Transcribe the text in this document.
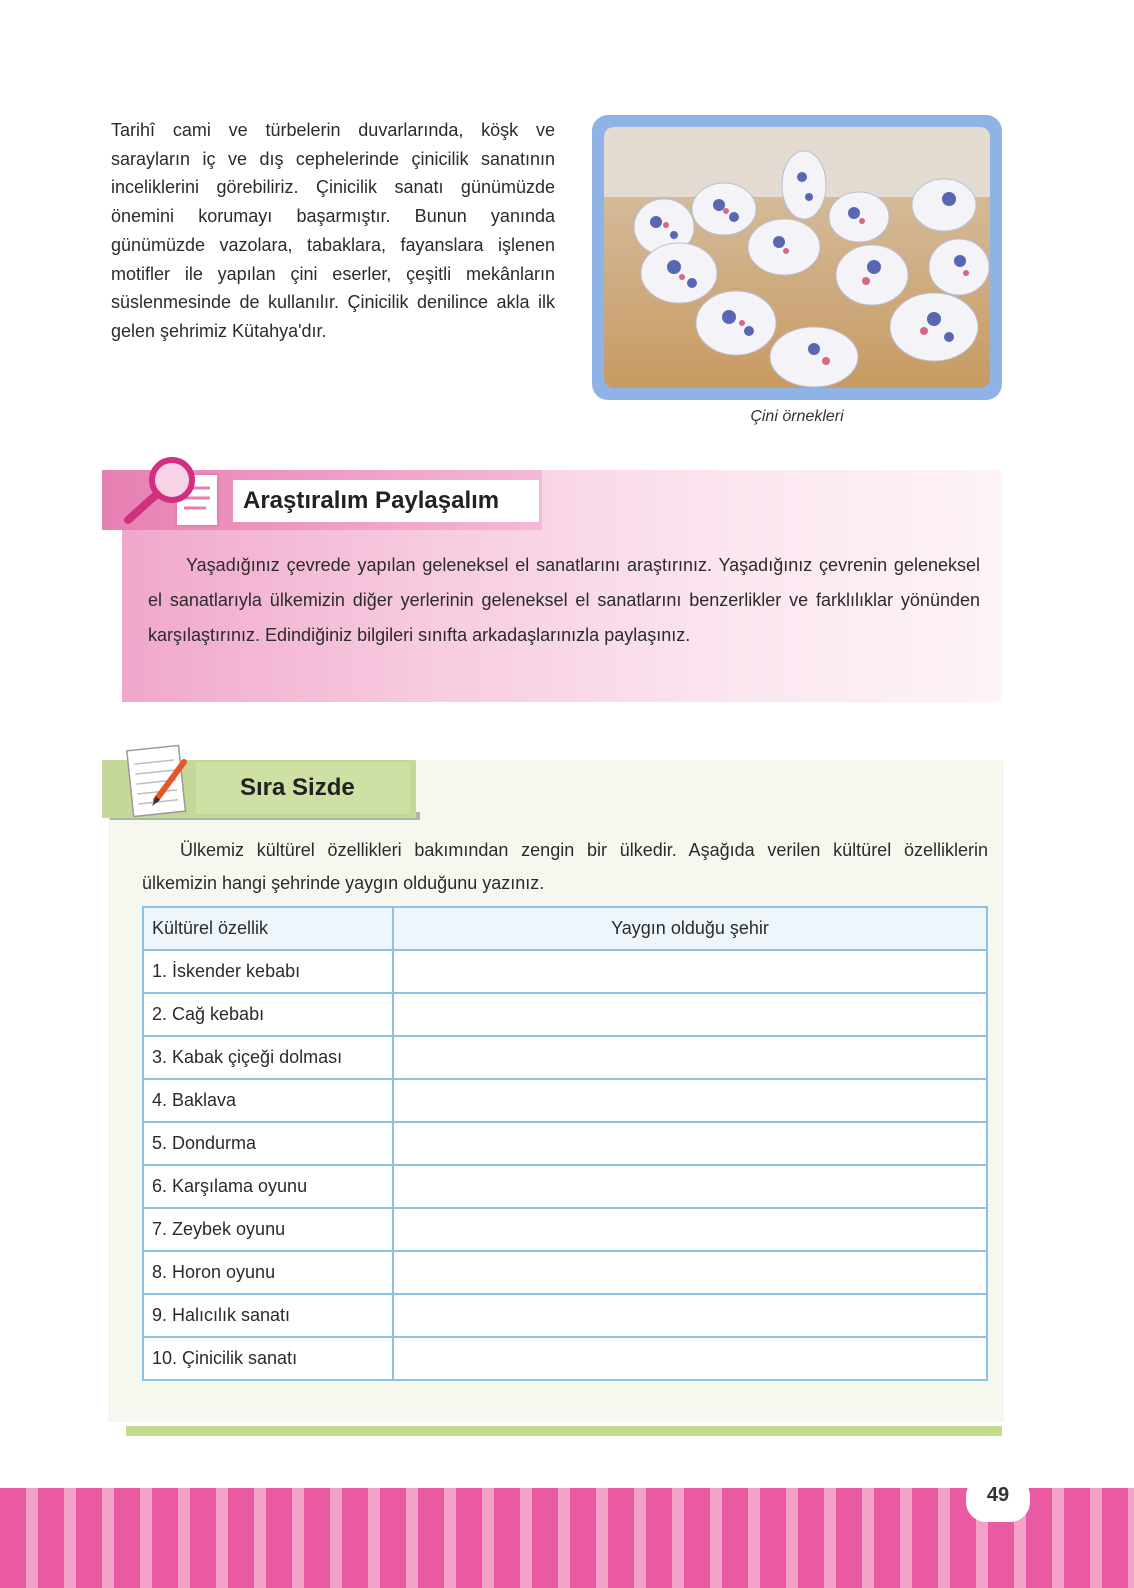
Tarihî cami ve türbelerin duvarlarında, köşk ve sarayların iç ve dış cephelerinde çinicilik sanatının inceliklerini görebiliriz. Çinicilik sanatı günümüzde önemini korumayı başarmıştır. Bunun yanında günümüzde vazolara, tabaklara, fayanslara işlenen motifler ile yapılan çini eserler, çeşitli mekânların süslenmesinde de kullanılır. Çinicilik denilince akla ilk gelen şehrimiz Kütahya'dır.

Çini örnekleri
Araştıralım Paylaşalım

Yaşadığınız çevrede yapılan geleneksel el sanatlarını araştırınız. Yaşadığınız çevrenin geleneksel el sanatlarıyla ülkemizin diğer yerlerinin geleneksel el sanatlarını benzerlikler ve farklılıklar yönünden karşılaştırınız. Edindiğiniz bilgileri sınıfta arkadaşlarınızla paylaşınız.

Sıra Sizde

Ülkemiz kültürel özellikleri bakımından zengin bir ülkedir. Aşağıda verilen kültürel özelliklerin ülkemizin hangi şehrinde yaygın olduğunu yazınız.

Kültürel özellik	Yaygın olduğu şehir
1. İskender kebabı	
2. Cağ kebabı	
3. Kabak çiçeği dolması	
4. Baklava	
5. Dondurma	
6. Karşılama oyunu	
7. Zeybek oyunu	
8. Horon oyunu	
9. Halıcılık sanatı	
10. Çinicilik sanatı	
49
